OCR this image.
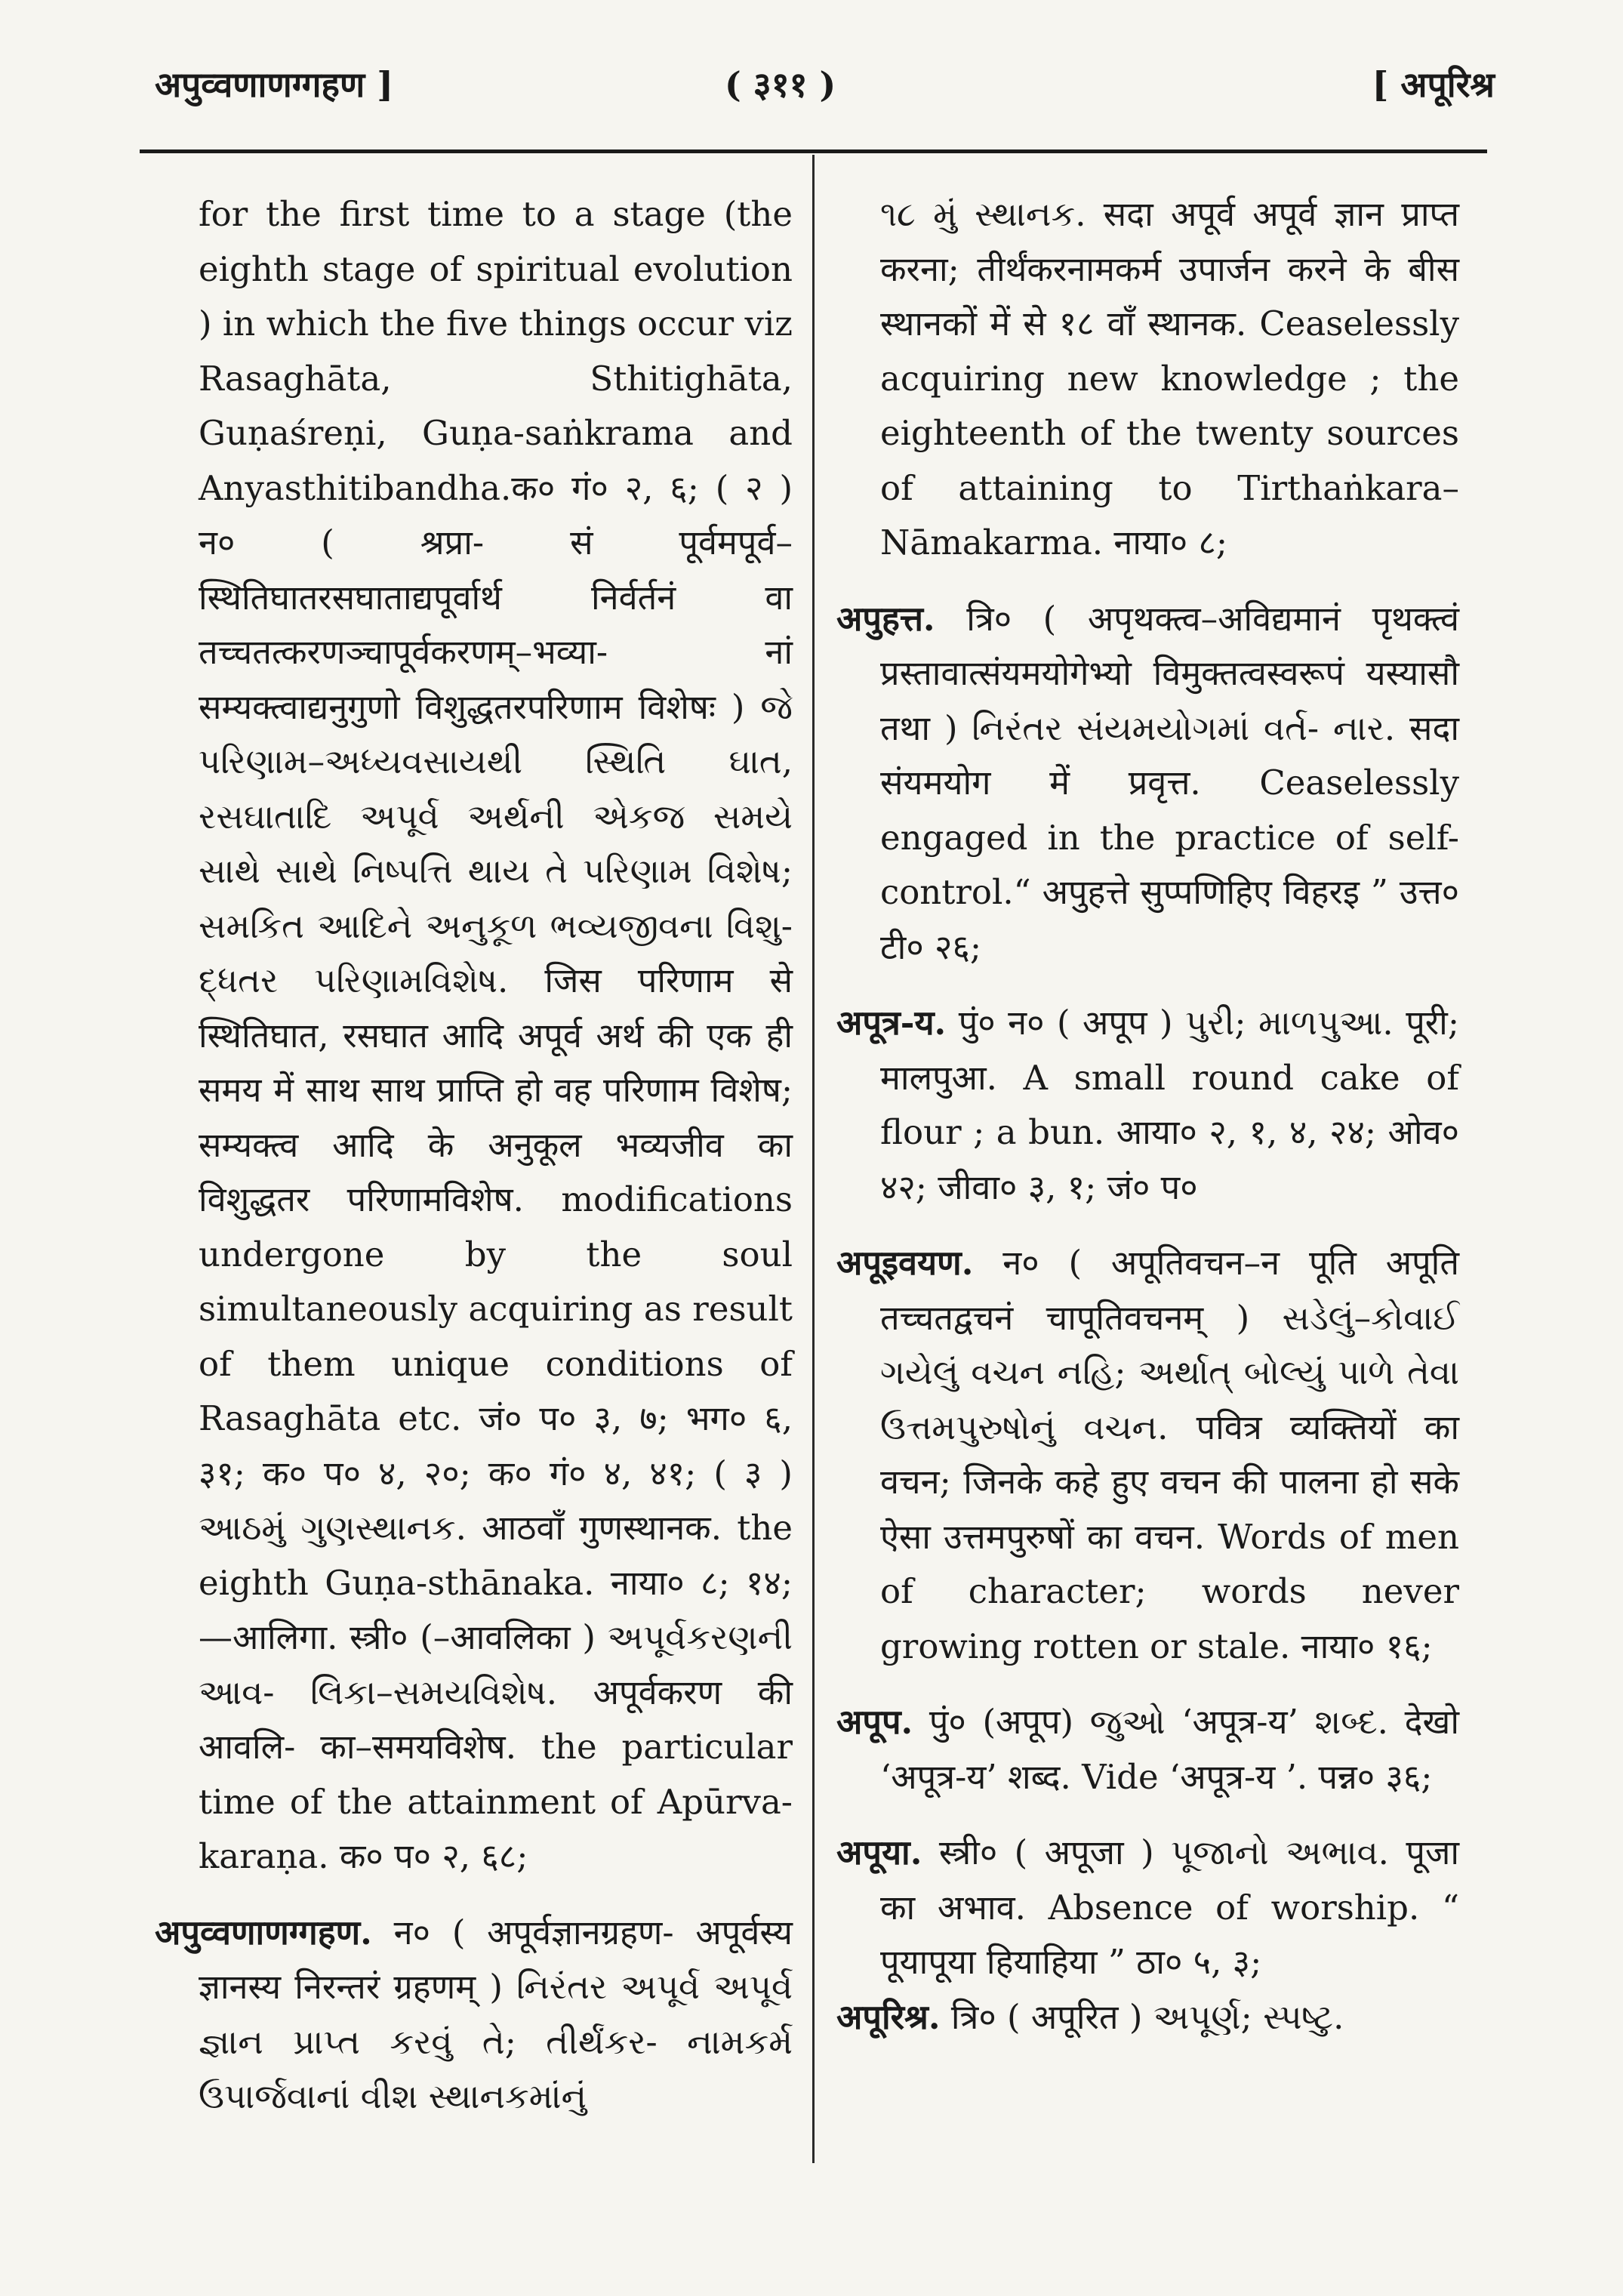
अपुव्वणाणग्गहण ]	( ३११ )	[ अपूरिश्र

for the first time to a stage (the eighth stage of spiritual evolution ) in which the five things occur viz Rasaghāta, Sthitighāta, Guṇaśreṇi, Guṇa-saṅkrama and Anyasthitibandha.क० गं० २, ६; ( २ ) न० ( श्रप्रा- सं पूर्वमपूर्व–स्थितिघातरसघाताद्यपूर्वार्थ निर्वर्तनं वा तच्चतत्करणञ्चापूर्वकरणम्–भव्या- नां सम्यक्त्वाद्यनुगुणो विशुद्धतरपरिणाम विशेषः ) જે પરિણામ–અધ્યવસાયથી સ્થિતિ ઘાત, રસઘાતાદિ અપૂર્વ અર્થની એકજ સમયે સાથે સાથે નિષ્પત્તિ થાય તે પરિણામ વિશેષ; સમકિત આદિને અનુકૂળ ભવ્યજીવના વિશુ- દ્ધતર પરિણામવિશેષ. जिस परिणाम से स्थितिघात, रसघात आदि अपूर्व अर्थ की एक ही समय में साथ साथ प्राप्ति हो वह परिणाम विशेष; सम्यक्त्व आदि के अनुकूल भव्यजीव का विशुद्धतर परिणामविशेष. modifications undergone by the soul simultaneously acquiring as result of them unique conditions of Rasaghāta etc. जं० प० ३, ७; भग० ६, ३१; क० प० ४, २०; क० गं० ४, ४१; ( ३ ) આઠમું ગુણસ્થાનક. आठवाँ गुणस्थानक. the eighth Guṇa-sthānaka. नाया० ८; १४;—आलिगा. स्त्री० (–आवलिका ) અપૂર્વકરણની આવ- લિકા–સમયવિશેષ. अपूर्वकरण की आवलि- का–समयविशेष. the particular time of the attainment of Apūrva-karaṇa. क० प० २, ६८;

अपुव्वणाणग्गहण. न० ( अपूर्वज्ञानग्रहण- अपूर्वस्य ज्ञानस्य निरन्तरं ग्रहणम् ) નિરંતર અપૂર્વ અપૂર્વ જ્ઞાન પ્રાપ્ત કરવું તે; તીર્થંકર- નામકર્મ ઉપાર્જવાનાં વીશ સ્થાનકમાંનું

૧૮ મું સ્થાનક. सदा अपूर्व अपूर्व ज्ञान प्राप्त करना; तीर्थंकरनामकर्म उपार्जन करने के बीस स्थानकों में से १८ वाँ स्थानक. Ceaselessly acquiring new knowledge ; the eighteenth of the twenty sources of attaining to Tirthaṅkara–Nāmakarma. नाया० ८;

अपुहत्त. त्रि० ( अपृथक्त्व–अविद्यमानं पृथक्त्वं प्रस्तावात्संयमयोगेभ्यो विमुक्तत्वस्वरूपं यस्यासौ तथा ) નિરંતર સંયમયોગમાં વર્ત- નાર. सदा संयमयोग में प्रवृत्त. Ceaselessly engaged in the practice of self-control.“ अपुहत्ते सुप्पणिहिए विहरइ ” उत्त० टी० २६;

अपूत्र-य. पुं० न० ( अपूप ) પુરી; માળપુઆ. पूरी; मालपुआ. A small round cake of flour ; a bun. आया० २, १, ४, २४; ओव० ४२; जीवा० ३, १; जं० प०

अपूइवयण. न० ( अपूतिवचन–न पूति अपूति तच्चतद्वचनं चापूतिवचनम् ) સડેલું–કોવાઈ ગયેલું વચન નહિ; અર્થાત્ બોલ્યું પાળે તેવા ઉત્તમપુરુષોનું વચન. पवित्र व्यक्तियों का वचन; जिनके कहे हुए वचन की पालना हो सके ऐसा उत्तमपुरुषों का वचन. Words of men of character; words never growing rotten or stale. नाया० १६;

अपूप. पुं० (अपूप) જુઓ ‘अपूत्र-य’ શબ્દ. देखो ‘अपूत्र-य’ शब्द. Vide ‘अपूत्र-य ’. पन्न० ३६;

अपूया. स्त्री० ( अपूजा ) પૂજાનો અભાવ. पूजा का अभाव. Absence of worship. “ पूयापूया हियाहिया ” ठा० ५, ३;

अपूरिश्र. त्रि० ( अपूरित ) અપૂર્ણ; સ્પષ્ટુ.
